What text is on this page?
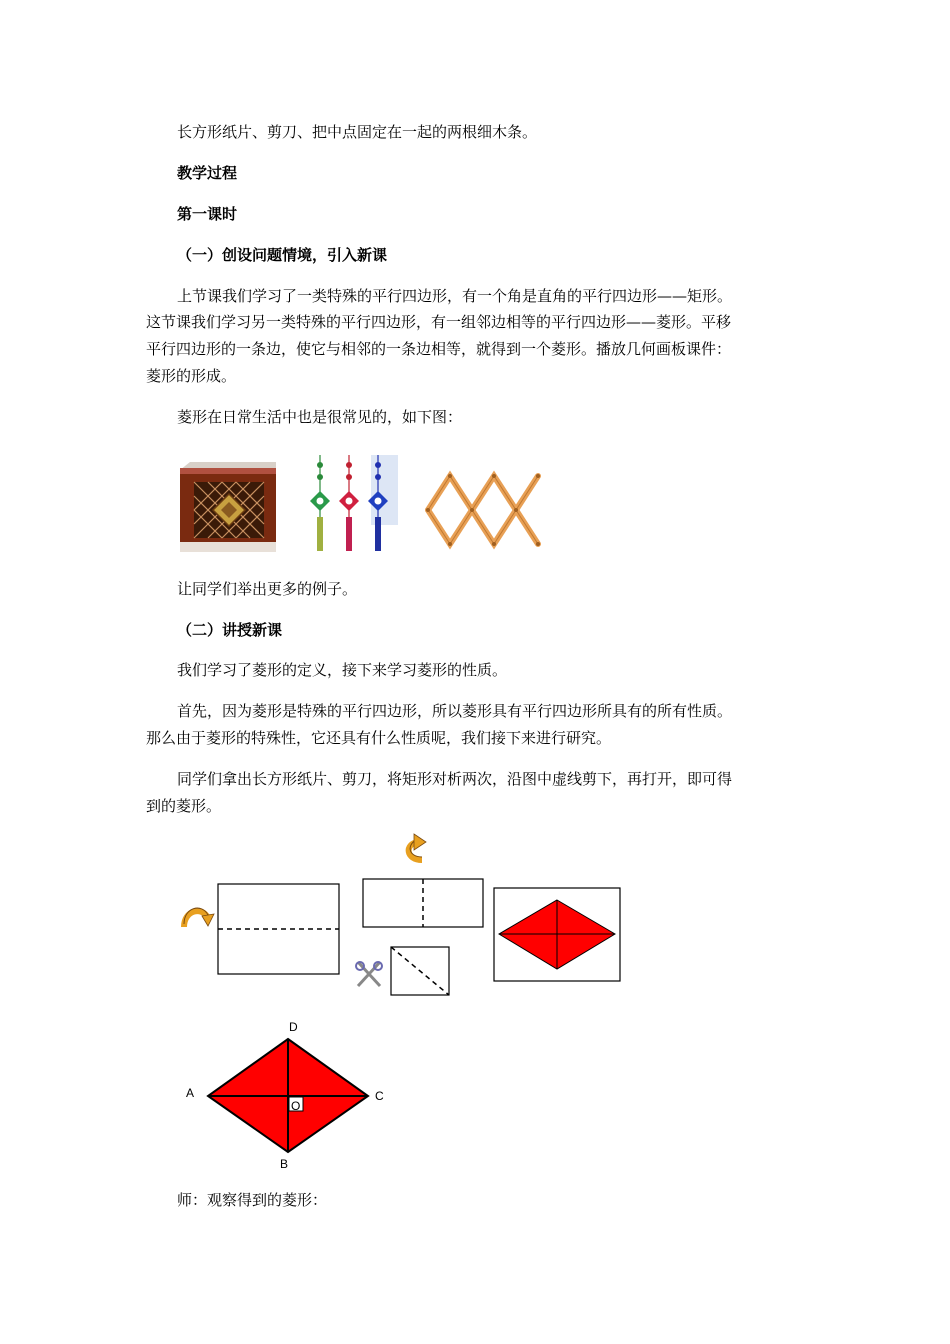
长方形纸片、剪刀、把中点固定在一起的两根细木条。
教学过程
第一课时
（一）创设问题情境，引入新课
上节课我们学习了一类特殊的平行四边形，有一个角是直角的平行四边形——矩形。
这节课我们学习另一类特殊的平行四边形，有一组邻边相等的平行四边形——菱形。平移
平行四边形的一条边，使它与相邻的一条边相等，就得到一个菱形。播放几何画板课件：
菱形的形成。
菱形在日常生活中也是很常见的，如下图：
让同学们举出更多的例子。
（二）讲授新课
我们学习了菱形的定义，接下来学习菱形的性质。
首先，因为菱形是特殊的平行四边形，所以菱形具有平行四边形所具有的所有性质。
那么由于菱形的特殊性，它还具有什么性质呢，我们接下来进行研究。
同学们拿出长方形纸片、剪刀，将矩形对析两次，沿图中虚线剪下，再打开，即可得
到的菱形。
D
A	C
O
B
师：观察得到的菱形：
